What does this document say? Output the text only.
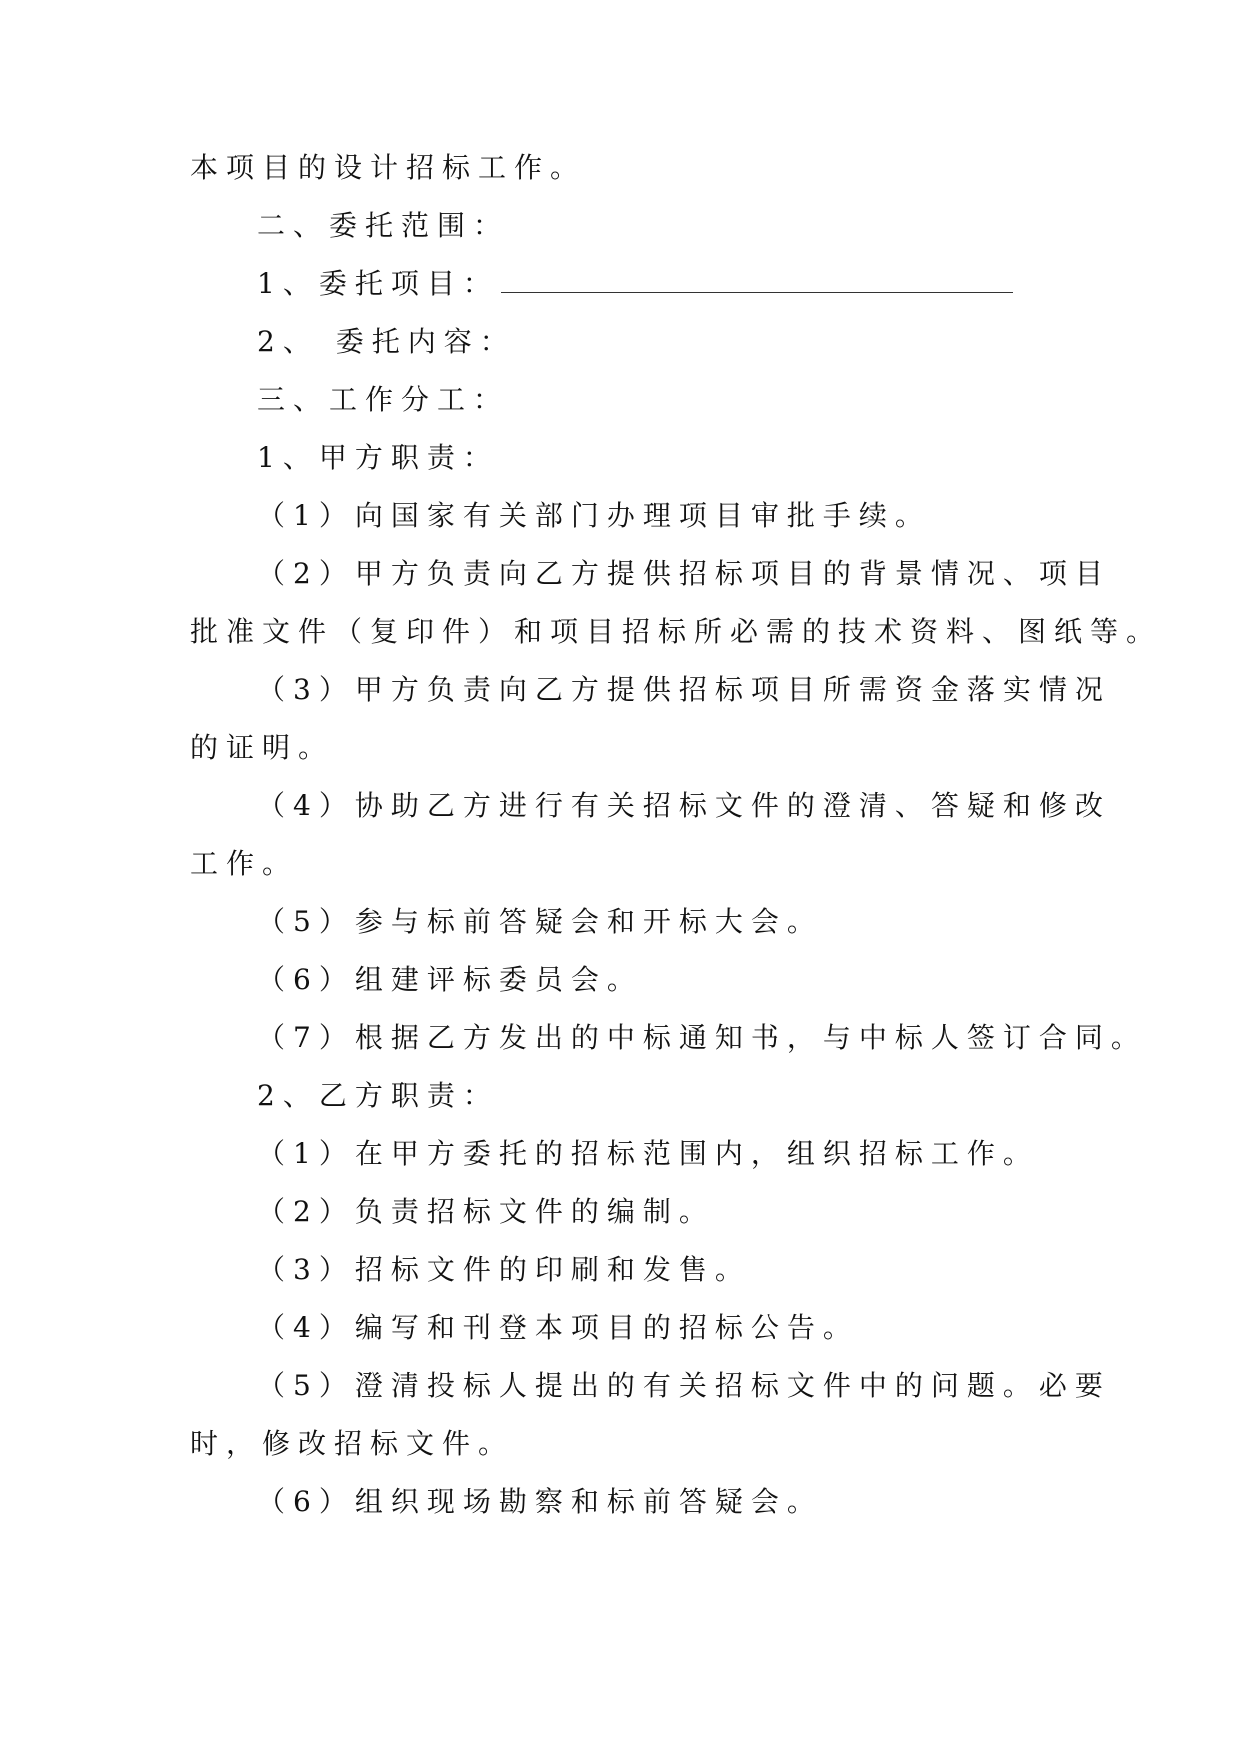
本项目的设计招标工作。

二、委托范围：

1、委托项目：

2、 委托内容：

三、工作分工：

1、甲方职责：

（1）向国家有关部门办理项目审批手续。

（2）甲方负责向乙方提供招标项目的背景情况、项目

批准文件（复印件）和项目招标所必需的技术资料、图纸等。

（3）甲方负责向乙方提供招标项目所需资金落实情况

的证明。

（4）协助乙方进行有关招标文件的澄清、答疑和修改

工作。

（5）参与标前答疑会和开标大会。

（6）组建评标委员会。

（7）根据乙方发出的中标通知书，与中标人签订合同。

2、乙方职责：

（1）在甲方委托的招标范围内，组织招标工作。

（2）负责招标文件的编制。

（3）招标文件的印刷和发售。

（4）编写和刊登本项目的招标公告。

（5）澄清投标人提出的有关招标文件中的问题。必要

时，修改招标文件。

（6）组织现场勘察和标前答疑会。
